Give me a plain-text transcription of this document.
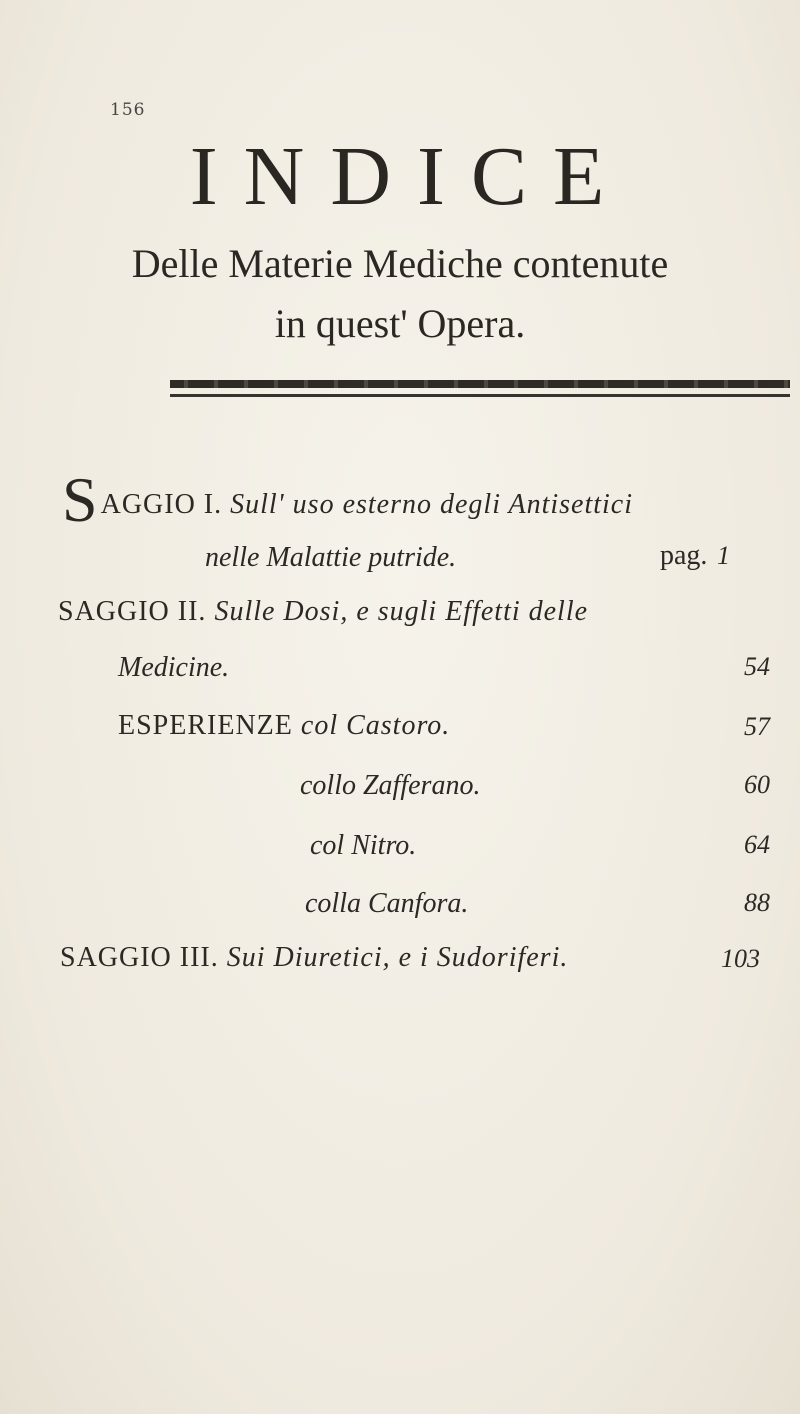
156
INDICE
Delle Materie Mediche contenute
in quest' Opera.
SAGGIO I. Sull' uso esterno degli Antisettici
nelle Malattie putride.	pag. 1
SAGGIO II. Sulle Dosi, e sugli Effetti delle
Medicine.	54
ESPERIENZE col Castoro.	57
collo Zafferano.	60
col Nitro.	64
colla Canfora.	88
SAGGIO III. Sui Diuretici, e i Sudoriferi.	103
